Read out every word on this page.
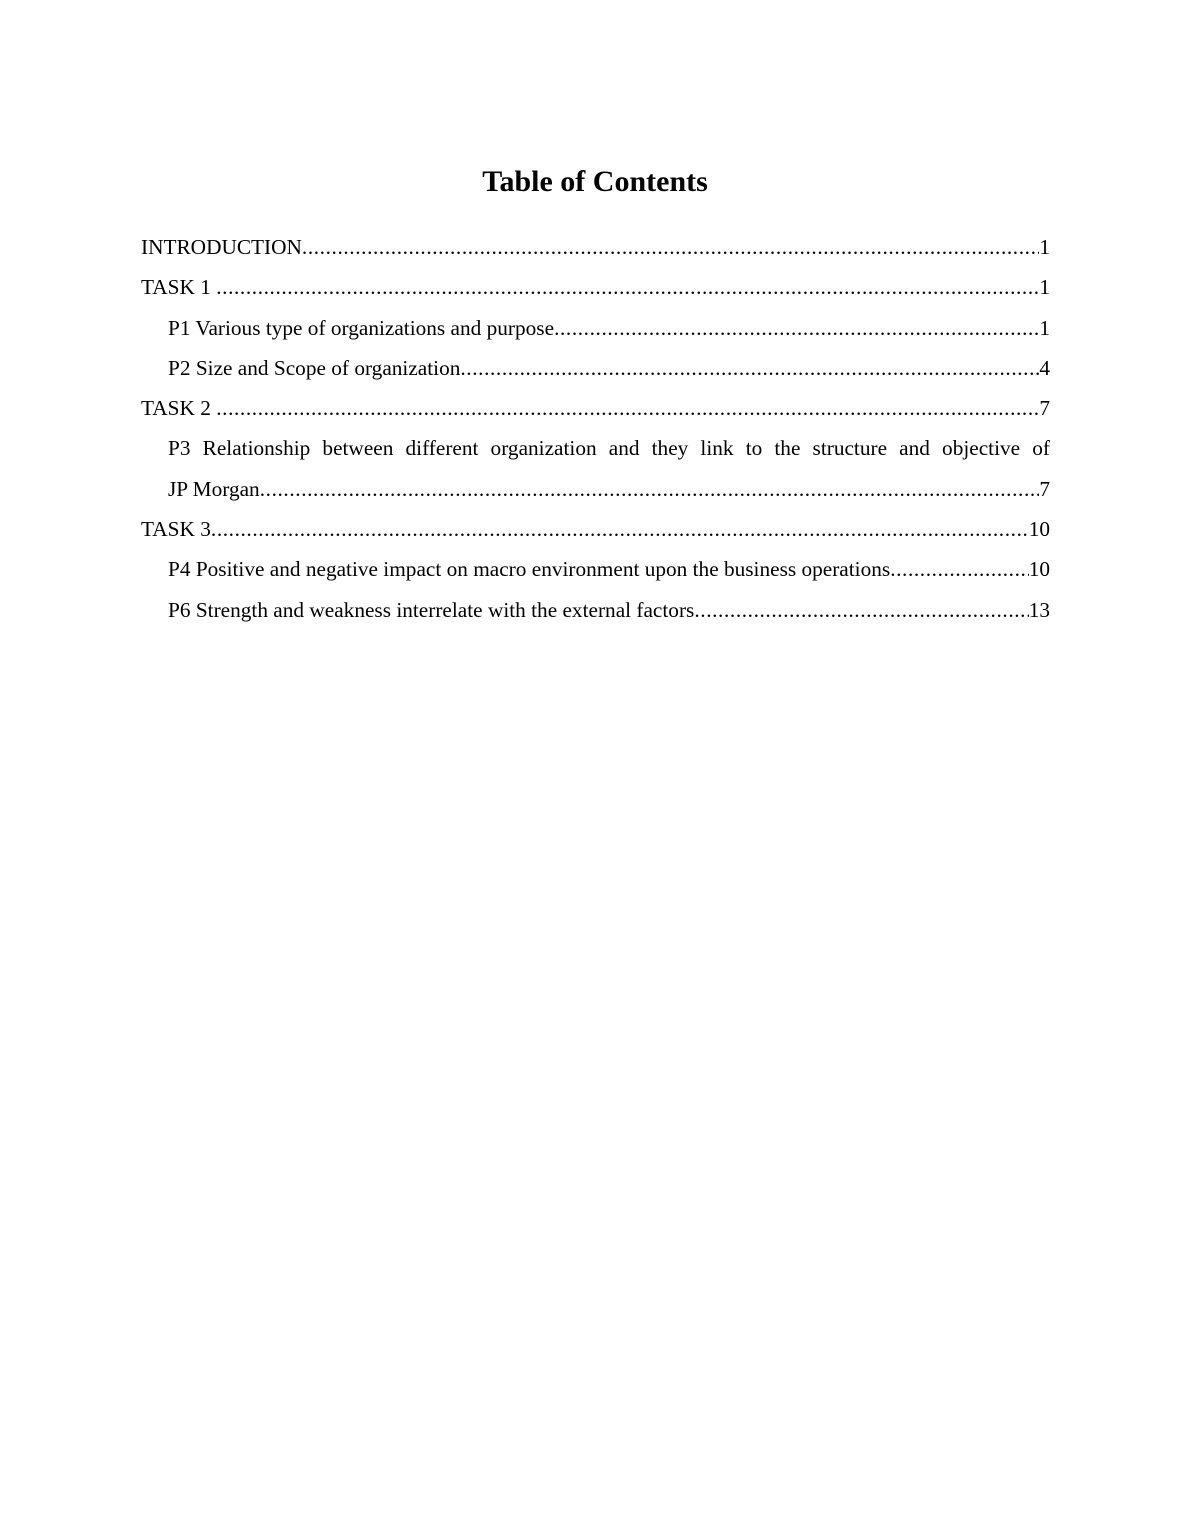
Table of Contents
INTRODUCTION .....	1
TASK 1 .....	1
P1 Various type of organizations and purpose .....	1
P2 Size and Scope of organization .....	4
TASK 2 .....	7
P3 Relationship between different organization and they link to the structure and objective of
JP Morgan .....	7
TASK 3 .....	10
P4 Positive and negative impact on macro environment upon the business operations .....	10
P6 Strength and weakness interrelate with the external factors .....	13
